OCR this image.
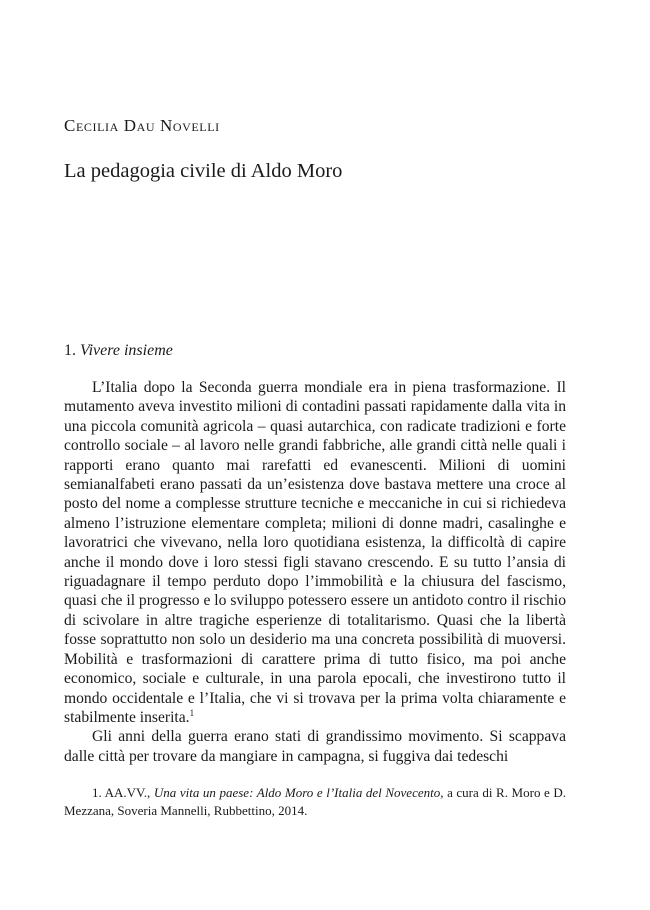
Cecilia Dau Novelli
La pedagogia civile di Aldo Moro
1. Vivere insieme

L’Italia dopo la Seconda guerra mondiale era in piena trasformazione. Il mutamento aveva investito milioni di contadini passati rapidamente dalla vita in una piccola comunità agricola – quasi autarchica, con radicate tradizioni e forte controllo sociale – al lavoro nelle grandi fabbriche, alle grandi città nelle quali i rapporti erano quanto mai rarefatti ed evanescenti. Milioni di uomini semianalfabeti erano passati da un’esistenza dove bastava mettere una croce al posto del nome a complesse strutture tecniche e meccaniche in cui si richiedeva almeno l’istruzione elementare completa; milioni di donne madri, casalinghe e lavoratrici che vivevano, nella loro quotidiana esistenza, la difficoltà di capire anche il mondo dove i loro stessi figli stavano crescendo. E su tutto l’ansia di riguadagnare il tempo perduto dopo l’immobilità e la chiusura del fascismo, quasi che il progresso e lo sviluppo potessero essere un antidoto contro il rischio di scivolare in altre tragiche esperienze di totalitarismo. Quasi che la libertà fosse soprattutto non solo un desiderio ma una concreta possibilità di muoversi. Mobilità e trasformazioni di carattere prima di tutto fisico, ma poi anche economico, sociale e culturale, in una parola epocali, che investirono tutto il mondo occidentale e l’Italia, che vi si trovava per la prima volta chiaramente e stabilmente inserita.$^1$

Gli anni della guerra erano stati di grandissimo movimento. Si scappava dalle città per trovare da mangiare in campagna, si fuggiva dai tedeschi

1. AA.VV., Una vita un paese: Aldo Moro e l’Italia del Novecento, a cura di R. Moro e D. Mezzana, Soveria Mannelli, Rubbettino, 2014.
